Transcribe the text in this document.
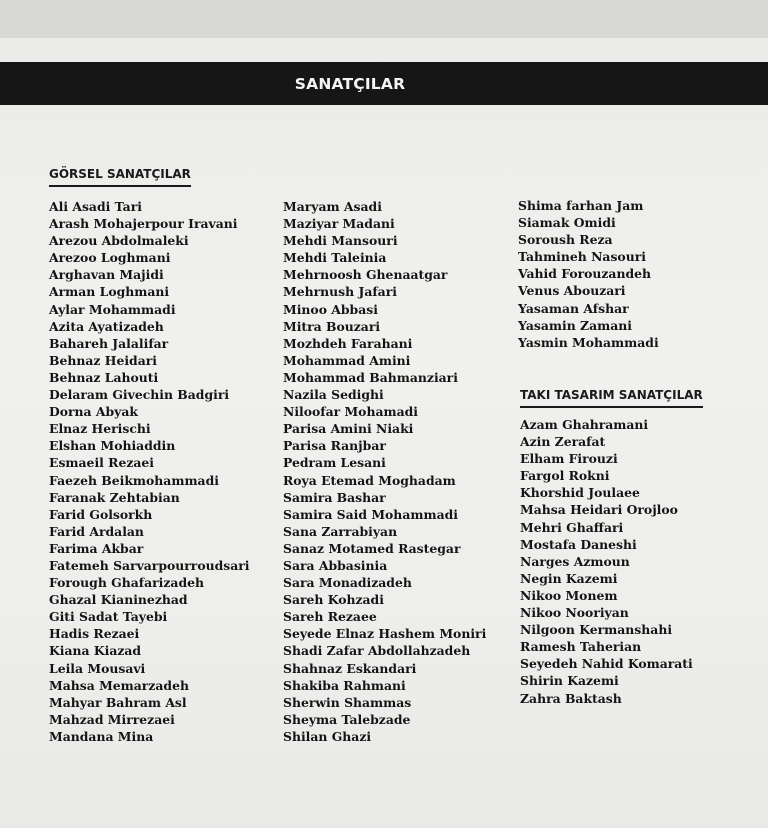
SANATÇILAR
GÖRSEL SANATÇILAR
Ali Asadi Tari
Arash Mohajerpour Iravani
Arezou Abdolmaleki
Arezoo Loghmani
Arghavan Majidi
Arman Loghmani
Aylar Mohammadi
Azita Ayatizadeh
Bahareh Jalalifar
Behnaz Heidari
Behnaz Lahouti
Delaram Givechin Badgiri
Dorna Abyak
Elnaz Herischi
Elshan Mohiaddin
Esmaeil Rezaei
Faezeh Beikmohammadi
Faranak Zehtabian
Farid Golsorkh
Farid Ardalan
Farima Akbar
Fatemeh Sarvarpourroudsari
Forough Ghafarizadeh
Ghazal Kianinezhad
Giti Sadat Tayebi
Hadis Rezaei
Kiana Kiazad
Leila Mousavi
Mahsa Memarzadeh
Mahyar Bahram Asl
Mahzad Mirrezaei
Mandana Mina
Maryam Asadi
Maziyar Madani
Mehdi Mansouri
Mehdi Taleinia
Mehrnoosh Ghenaatgar
Mehrnush Jafari
Minoo Abbasi
Mitra Bouzari
Mozhdeh Farahani
Mohammad Amini
Mohammad Bahmanziari
Nazila Sedighi
Niloofar Mohamadi
Parisa Amini Niaki
Parisa Ranjbar
Pedram Lesani
Roya Etemad Moghadam
Samira Bashar
Samira Said Mohammadi
Sana Zarrabiyan
Sanaz Motamed Rastegar
Sara Abbasinia
Sara Monadizadeh
Sareh Kohzadi
Sareh Rezaee
Seyede Elnaz Hashem Moniri
Shadi Zafar Abdollahzadeh
Shahnaz Eskandari
Shakiba Rahmani
Sherwin Shammas
Sheyma Talebzade
Shilan Ghazi
Shima farhan Jam
Siamak Omidi
Soroush Reza
Tahmineh Nasouri
Vahid Forouzandeh
Venus Abouzari
Yasaman Afshar
Yasamin Zamani
Yasmin Mohammadi
TAKI TASARIM SANATÇILAR
Azam Ghahramani
Azin Zerafat
Elham Firouzi
Fargol Rokni
Khorshid Joulaee
Mahsa Heidari Orojloo
Mehri Ghaffari
Mostafa Daneshi
Narges Azmoun
Negin Kazemi
Nikoo Monem
Nikoo Nooriyan
Nilgoon Kermanshahi
Ramesh Taherian
Seyedeh Nahid Komarati
Shirin Kazemi
Zahra Baktash
